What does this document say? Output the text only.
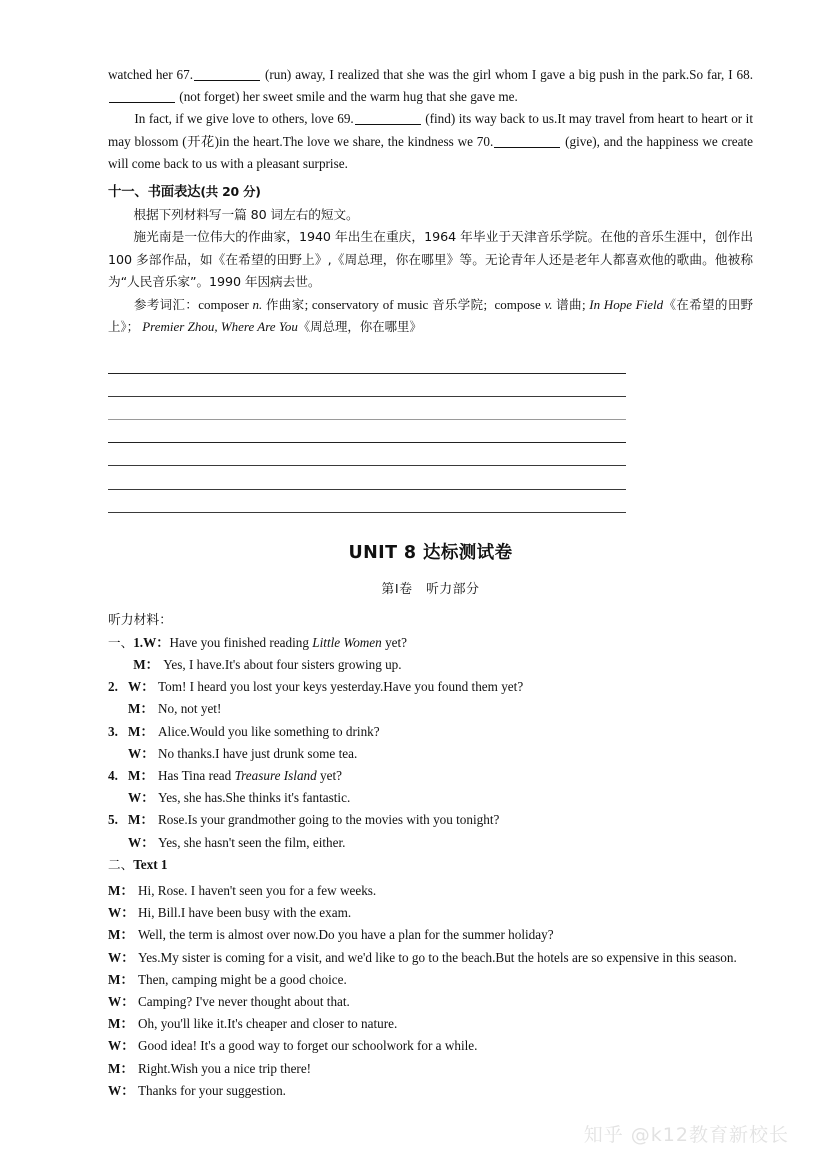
watched her 67.	(run) away, I realized that she was the girl whom I gave a big push in the park.So far, I 68. (not forget) her sweet smile and the warm hug that she gave me.

In fact, if we give love to others, love 69.	(find) its way back to us.It may travel from heart to heart or it may blossom (开花)in the heart.The love we share, the kindness we 70.	(give), and the happiness we create will come back to us with a pleasant surprise.

十一、书面表达(共 20 分)

根据下列材料写一篇 80 词左右的短文。

施光南是一位伟大的作曲家，1940 年出生在重庆，1964 年毕业于天津音乐学院。在他的音乐生涯中，创作出 100 多部作品，如《在希望的田野上》,《周总理，你在哪里》等。无论青年人还是老年人都喜欢他的歌曲。他被称为“人民音乐家”。1990 年因病去世。

参考词汇：composer n. 作曲家; conservatory of music 音乐学院;  compose v. 谱曲; In Hope Field《在希望的田野上》； Premier Zhou, Where Are You《周总理，你在哪里》

UNIT 8 达标测试卷

第Ⅰ卷　听力部分

听力材料：

一、 1.W： Have you finished reading Little Women yet?
M： Yes, I have.It's about four sisters growing up.
2. W： Tom! I heard you lost your keys yesterday.Have you found them yet?
M： No, not yet!
3. M： Alice.Would you like something to drink?
W： No thanks.I have just drunk some tea.
4. M： Has Tina read Treasure Island yet?
W： Yes, she has.She thinks it's fantastic.
5. M： Rose.Is your grandmother going to the movies with you tonight?
W： Yes, she hasn't seen the film, either.
二、 Text 1
M： Hi, Rose. I haven't seen you for a few weeks.
W： Hi, Bill.I have been busy with the exam.
M： Well, the term is almost over now.Do you have a plan for the summer holiday?
W： Yes.My sister is coming for a visit, and we'd like to go to the beach.But the hotels are so expensive in this season.
M： Then, camping might be a good choice.
W： Camping? I've never thought about that.
M： Oh, you'll like it.It's cheaper and closer to nature.
W： Good idea! It's a good way to forget our schoolwork for a while.
M： Right.Wish you a nice trip there!
W： Thanks for your suggestion.
知乎 @k12教育新校长
